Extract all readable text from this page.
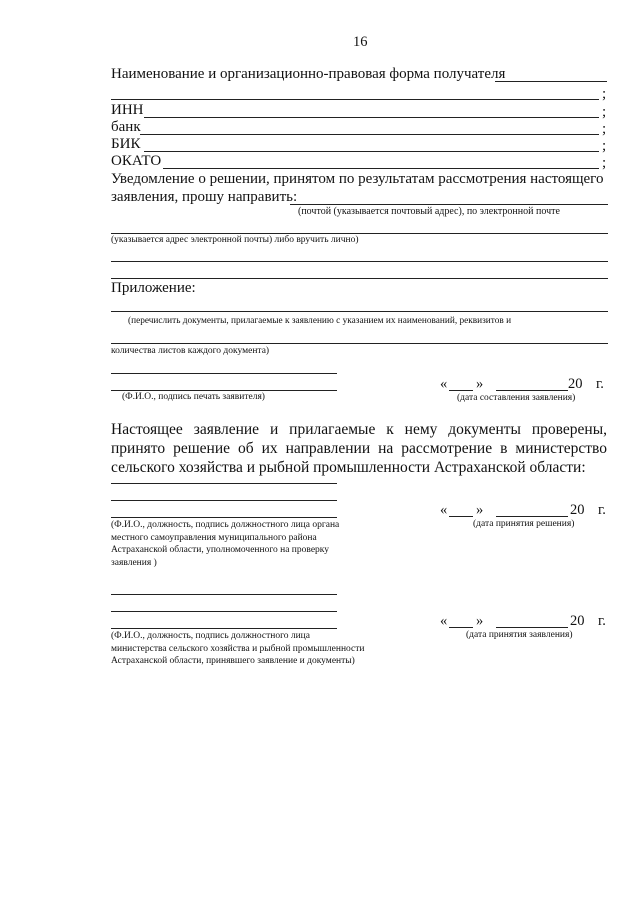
16
Наименование и организационно-правовая форма получателя
;
ИНН	;
банк	;
БИК	;
ОКАТО	;
Уведомление о решении, принятом по результатам рассмотрения настоящего
заявления, прошу направить:
(почтой (указывается почтовый адрес), по электронной почте
(указывается адрес электронной почты) либо вручить лично)
Приложение:
(перечислить документы, прилагаемые к заявлению с указанием их наименований, реквизитов и
количества листов каждого документа)
(Ф.И.О., подпись печать заявителя)
« »	20 г.
(дата составления заявления)
Настоящее заявление и прилагаемые к нему документы проверены, принято решение об их направлении на рассмотрение в министерство сельского хозяйства и рыбной промышленности Астраханской области:
(Ф.И.О., должность, подпись должностного лица органа местного самоуправления муниципального района Астраханской области, уполномоченного на проверку заявления )
« »	20 г.
(дата принятия решения)
(Ф.И.О., должность, подпись должностного лица министерства сельского хозяйства и рыбной промышленности Астраханской области, принявшего заявление и документы)
« »	20 г.
(дата принятия заявления)
